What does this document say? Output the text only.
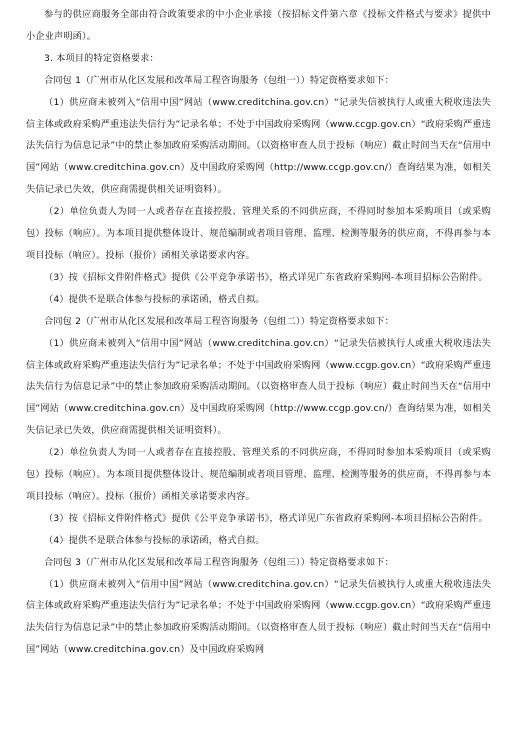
参与的供应商服务全部由符合政策要求的中小企业承接（按招标文件第六章《投标文件格式与要求》提供中小企业声明函）。

3. 本项目的特定资格要求：

合同包 1（广州市从化区发展和改革局工程咨询服务（包组一））特定资格要求如下：

（1）供应商未被列入“信用中国”网站（www.creditchina.gov.cn）“记录失信被执行人或重大税收违法失信主体或政府采购严重违法失信行为”记录名单；不处于中国政府采购网（www.ccgp.gov.cn）“政府采购严重违法失信行为信息记录”中的禁止参加政府采购活动期间。（以资格审查人员于投标（响应）截止时间当天在“信用中国”网站（www.creditchina.gov.cn）及中国政府采购网（http://www.ccgp.gov.cn/）查询结果为准，如相关失信记录已失效，供应商需提供相关证明资料）。

（2）单位负责人为同一人或者存在直接控股、管理关系的不同供应商，不得同时参加本采购项目（或采购包）投标（响应）。为本项目提供整体设计、规范编制或者项目管理、监理、检测等服务的供应商，不得再参与本项目投标（响应）。投标（报价）函相关承诺要求内容。

（3）按《招标文件附件格式》提供《公平竞争承诺书》，格式详见广东省政府采购网-本项目招标公告附件。

（4）提供不是联合体参与投标的承诺函，格式自拟。

合同包 2（广州市从化区发展和改革局工程咨询服务（包组二））特定资格要求如下：

（1）供应商未被列入“信用中国”网站（www.creditchina.gov.cn）“记录失信被执行人或重大税收违法失信主体或政府采购严重违法失信行为”记录名单；不处于中国政府采购网（www.ccgp.gov.cn）“政府采购严重违法失信行为信息记录”中的禁止参加政府采购活动期间。（以资格审查人员于投标（响应）截止时间当天在“信用中国”网站（www.creditchina.gov.cn）及中国政府采购网（http://www.ccgp.gov.cn/）查询结果为准，如相关失信记录已失效，供应商需提供相关证明资料）。

（2）单位负责人为同一人或者存在直接控股、管理关系的不同供应商，不得同时参加本采购项目（或采购包）投标（响应）。为本项目提供整体设计、规范编制或者项目管理、监理、检测等服务的供应商，不得再参与本项目投标（响应）。投标（报价）函相关承诺要求内容。

（3）按《招标文件附件格式》提供《公平竞争承诺书》，格式详见广东省政府采购网-本项目招标公告附件。

（4）提供不是联合体参与投标的承诺函，格式自拟。

合同包 3（广州市从化区发展和改革局工程咨询服务（包组三））特定资格要求如下：

（1）供应商未被列入“信用中国”网站（www.creditchina.gov.cn）“记录失信被执行人或重大税收违法失信主体或政府采购严重违法失信行为”记录名单；不处于中国政府采购网（www.ccgp.gov.cn）“政府采购严重违法失信行为信息记录”中的禁止参加政府采购活动期间。（以资格审查人员于投标（响应）截止时间当天在“信用中国”网站（www.creditchina.gov.cn）及中国政府采购网
